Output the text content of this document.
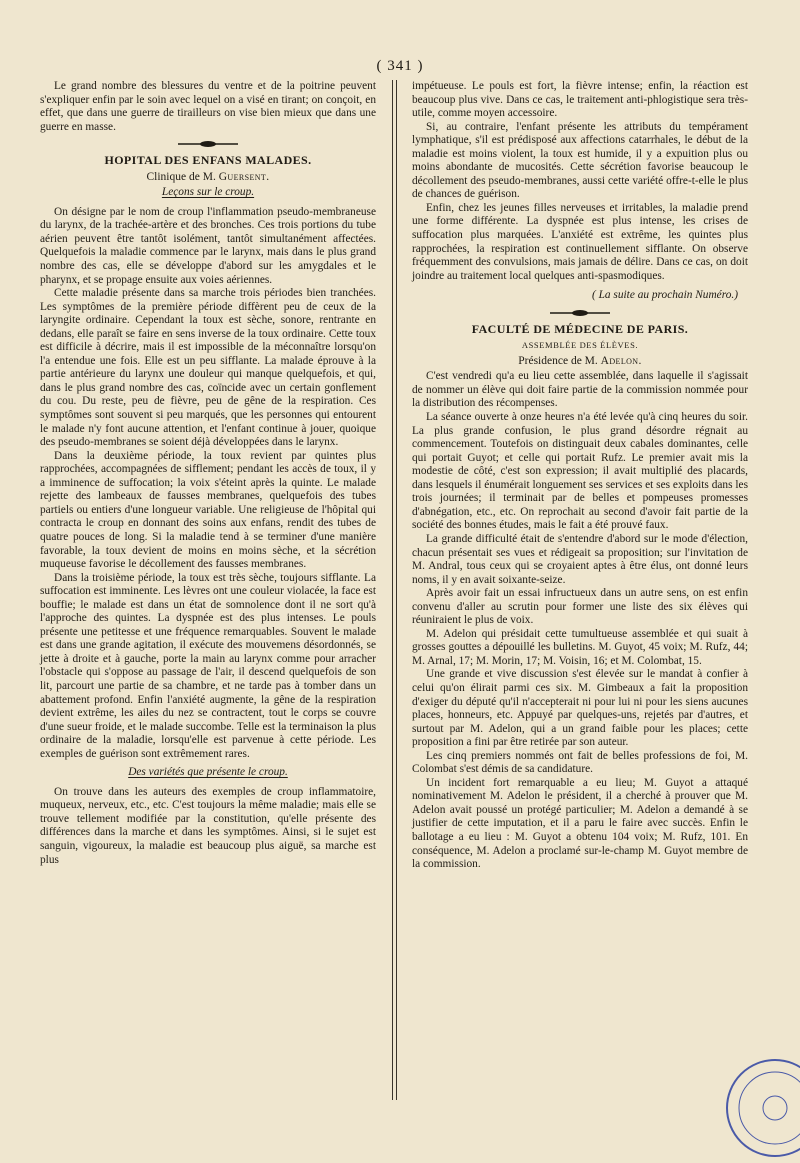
( 341 )

Le grand nombre des blessures du ventre et de la poitrine peuvent s'expliquer enfin par le soin avec lequel on a visé en tirant; on conçoit, en effet, que dans une guerre de tirailleurs on vise bien mieux que dans une guerre en masse.

HOPITAL DES ENFANS MALADES.

Clinique de M. Guersent.

Leçons sur le croup.

On désigne par le nom de croup l'inflammation pseudo-membraneuse du larynx, de la trachée-artère et des bronches. Ces trois portions du tube aérien peuvent être tantôt isolément, tantôt simultanément affectées. Quelquefois la maladie commence par le larynx, mais dans le plus grand nombre des cas, elle se développe d'abord sur les amygdales et le pharynx, et se propage ensuite aux voies aériennes.

Cette maladie présente dans sa marche trois périodes bien tranchées. Les symptômes de la première période diffèrent peu de ceux de la laryngite ordinaire. Cependant la toux est sèche, sonore, rentrante en dedans, elle paraît se faire en sens inverse de la toux ordinaire. Cette toux est difficile à décrire, mais il est impossible de la méconnaître lorsqu'on l'a entendue une fois. Elle est un peu sifflante. La malade éprouve à la partie antérieure du larynx une douleur qui manque quelquefois, et qui, dans le plus grand nombre des cas, coïncide avec un certain gonflement du cou. Du reste, peu de fièvre, peu de gêne de la respiration. Ces symptômes sont souvent si peu marqués, que les personnes qui entourent le malade n'y font aucune attention, et l'enfant continue à jouer, quoique des pseudo-membranes se soient déjà développées dans le larynx.

Dans la deuxième période, la toux revient par quintes plus rapprochées, accompagnées de sifflement; pendant les accès de toux, il y a imminence de suffocation; la voix s'éteint après la quinte. Le malade rejette des lambeaux de fausses membranes, quelquefois des tubes partiels ou entiers d'une longueur variable. Une religieuse de l'hôpital qui contracta le croup en donnant des soins aux enfans, rendit des tubes de quatre pouces de long. Si la maladie tend à se terminer d'une manière favorable, la toux devient de moins en moins sèche, et la sécrétion muqueuse favorise le décollement des fausses membranes.

Dans la troisième période, la toux est très sèche, toujours sifflante. La suffocation est imminente. Les lèvres ont une couleur violacée, la face est bouffie; le malade est dans un état de somnolence dont il ne sort qu'à l'approche des quintes. La dyspnée est des plus intenses. Le pouls présente une petitesse et une fréquence remarquables. Souvent le malade est dans une grande agitation, il exécute des mouvemens désordonnés, se jette à droite et à gauche, porte la main au larynx comme pour arracher l'obstacle qui s'oppose au passage de l'air, il descend quelquefois de son lit, parcourt une partie de sa chambre, et ne tarde pas à tomber dans un abattement profond. Enfin l'anxiété augmente, la gêne de la respiration devient extrême, les ailes du nez se contractent, tout le corps se couvre d'une sueur froide, et le malade succombe. Telle est la terminaison la plus ordinaire de la maladie, lorsqu'elle est parvenue à cette période. Les exemples de guérison sont extrêmement rares.

Des variétés que présente le croup.

On trouve dans les auteurs des exemples de croup inflammatoire, muqueux, nerveux, etc., etc. C'est toujours la même maladie; mais elle se trouve tellement modifiée par la constitution, qu'elle présente des différences dans la marche et dans les symptômes. Ainsi, si le sujet est sanguin, vigoureux, la maladie est beaucoup plus aiguë, sa marche est plus

impétueuse. Le pouls est fort, la fièvre intense; enfin, la réaction est beaucoup plus vive. Dans ce cas, le traitement anti-phlogistique sera très-utile, comme moyen accessoire.

Si, au contraire, l'enfant présente les attributs du tempérament lymphatique, s'il est prédisposé aux affections catarrhales, le début de la maladie est moins violent, la toux est humide, il y a expuition plus ou moins abondante de mucosités. Cette sécrétion favorise beaucoup le décollement des pseudo-membranes, aussi cette variété offre-t-elle le plus de chances de guérison.

Enfin, chez les jeunes filles nerveuses et irritables, la maladie prend une forme différente. La dyspnée est plus intense, les crises de suffocation plus marquées. L'anxiété est extrême, les quintes plus rapprochées, la respiration est continuellement sifflante. On observe fréquemment des convulsions, mais jamais de délire. Dans ce cas, on doit joindre au traitement local quelques anti-spasmodiques.

( La suite au prochain Numéro.)

FACULTÉ DE MÉDECINE DE PARIS.

ASSEMBLÉE DES ÉLÈVES.

Présidence de M. Adelon.

C'est vendredi qu'a eu lieu cette assemblée, dans laquelle il s'agissait de nommer un élève qui doit faire partie de la commission nommée pour la distribution des récompenses.

La séance ouverte à onze heures n'a été levée qu'à cinq heures du soir. La plus grande confusion, le plus grand désordre régnait au commencement. Toutefois on distinguait deux cabales dominantes, celle qui portait Guyot; et celle qui portait Rufz. Le premier avait mis la modestie de côté, c'est son expression; il avait multiplié des placards, dans lesquels il énumérait longuement ses services et ses exploits dans les trois journées; il terminait par de belles et pompeuses promesses d'abnégation, etc., etc. On reprochait au second d'avoir fait partie de la société des bonnes études, mais le fait a été prouvé faux.

La grande difficulté était de s'entendre d'abord sur le mode d'élection, chacun présentait ses vues et rédigeait sa proposition; sur l'invitation de M. Andral, tous ceux qui se croyaient aptes à être élus, ont donné leurs noms, il y en avait soixante-seize.

Après avoir fait un essai infructueux dans un autre sens, on est enfin convenu d'aller au scrutin pour former une liste des six élèves qui réuniraient le plus de voix.

M. Adelon qui présidait cette tumultueuse assemblée et qui suait à grosses gouttes a dépouillé les bulletins. M. Guyot, 45 voix; M. Rufz, 44; M. Arnal, 17; M. Morin, 17; M. Voisin, 16; et M. Colombat, 15.

Une grande et vive discussion s'est élevée sur le mandat à confier à celui qu'on élirait parmi ces six. M. Gimbeaux a fait la proposition d'exiger du député qu'il n'accepterait ni pour lui ni pour les siens aucunes places, honneurs, etc. Appuyé par quelques-uns, rejetés par d'autres, et surtout par M. Adelon, qui a un grand faible pour les places; cette proposition a fini par être retirée par son auteur.

Les cinq premiers nommés ont fait de belles professions de foi, M. Colombat s'est démis de sa candidature.

Un incident fort remarquable a eu lieu; M. Guyot a attaqué nominativement M. Adelon le président, il a cherché à prouver que M. Adelon avait poussé un protégé particulier; M. Adelon a demandé à se justifier de cette imputation, et il a paru le faire avec succès. Enfin le ballotage a eu lieu : M. Guyot a obtenu 104 voix; M. Rufz, 101. En conséquence, M. Adelon a proclamé sur-le-champ M. Guyot membre de la commission.
